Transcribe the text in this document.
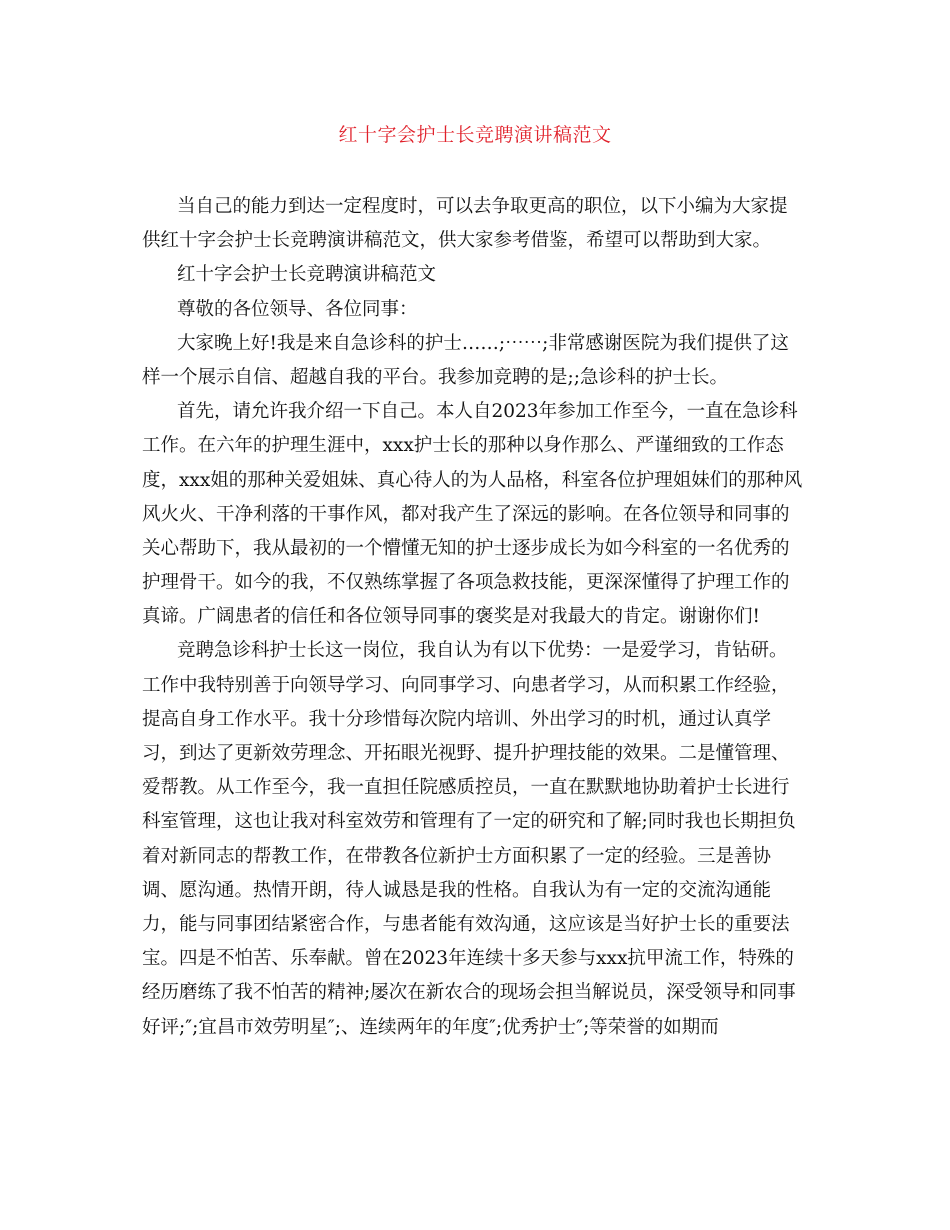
红十字会护士长竞聘演讲稿范文
当自己的能力到达一定程度时，可以去争取更高的职位，以下小编为大家提
供红十字会护士长竞聘演讲稿范文，供大家参考借鉴，希望可以帮助到大家。
红十字会护士长竞聘演讲稿范文
尊敬的各位领导、各位同事：
大家晚上好!我是来自急诊科的护士……;⋯⋯;非常感谢医院为我们提供了这
样一个展示自信、超越自我的平台。我参加竞聘的是;;急诊科的护士长。
首先，请允许我介绍一下自己。本人自2023年参加工作至今，一直在急诊科
工作。在六年的护理生涯中，xxx护士长的那种以身作那么、严谨细致的工作态
度，xxx姐的那种关爱姐妹、真心待人的为人品格，科室各位护理姐妹们的那种风
风火火、干净利落的干事作风，都对我产生了深远的影响。在各位领导和同事的
关心帮助下，我从最初的一个懵懂无知的护士逐步成长为如今科室的一名优秀的
护理骨干。如今的我，不仅熟练掌握了各项急救技能，更深深懂得了护理工作的
真谛。广阔患者的信任和各位领导同事的褒奖是对我最大的肯定。谢谢你们!
竞聘急诊科护士长这一岗位，我自认为有以下优势：一是爱学习，肯钻研。
工作中我特别善于向领导学习、向同事学习、向患者学习，从而积累工作经验，
提高自身工作水平。我十分珍惜每次院内培训、外出学习的时机，通过认真学
习，到达了更新效劳理念、开拓眼光视野、提升护理技能的效果。二是懂管理、
爱帮教。从工作至今，我一直担任院感质控员，一直在默默地协助着护士长进行
科室管理，这也让我对科室效劳和管理有了一定的研究和了解;同时我也长期担负
着对新同志的帮教工作，在带教各位新护士方面积累了一定的经验。三是善协
调、愿沟通。热情开朗，待人诚恳是我的性格。自我认为有一定的交流沟通能
力，能与同事团结紧密合作，与患者能有效沟通，这应该是当好护士长的重要法
宝。四是不怕苦、乐奉献。曾在2023年连续十多天参与xxx抗甲流工作，特殊的
经历磨练了我不怕苦的精神;屡次在新农合的现场会担当解说员，深受领导和同事
好评;″;宜昌市效劳明星″;、连续两年的年度″;优秀护士″;等荣誉的如期而
